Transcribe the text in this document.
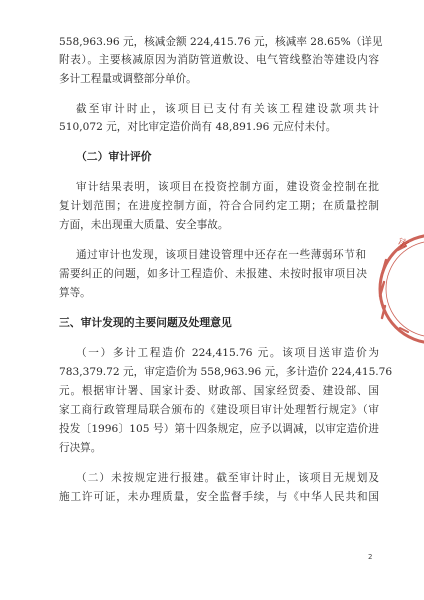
558,963.96 元，核减金额 224,415.76 元，核减率 28.65%（详见
附表）。主要核减原因为消防管道敷设、电气管线整治等建设内容
多计工程量或调整部分单价。
截至审计时止，该项目已支付有关该工程建设款项共计
510,072 元，对比审定造价尚有 48,891.96 元应付未付。
（二）审计评价
审计结果表明，该项目在投资控制方面，建设资金控制在批
复计划范围；在进度控制方面，符合合同约定工期；在质量控制
方面，未出现重大质量、安全事故。
通过审计也发现，该项目建设管理中还存在一些薄弱环节和
需要纠正的问题，如多计工程造价、未报建、未按时报审项目决
算等。
三、审计发现的主要问题及处理意见
（一）多计工程造价 224,415.76 元。该项目送审造价为
783,379.72 元，审定造价为 558,963.96 元，多计造价 224,415.76
元。根据审计署、国家计委、财政部、国家经贸委、建设部、国
家工商行政管理局联合颁布的《建设项目审计处理暂行规定》（审
投发〔1996〕105 号）第十四条规定，应予以调减，以审定造价进
行决算。
（二）未按规定进行报建。截至审计时止，该项目无规划及
施工许可证，未办理质量，安全监督手续，与《中华人民共和国
审
2
